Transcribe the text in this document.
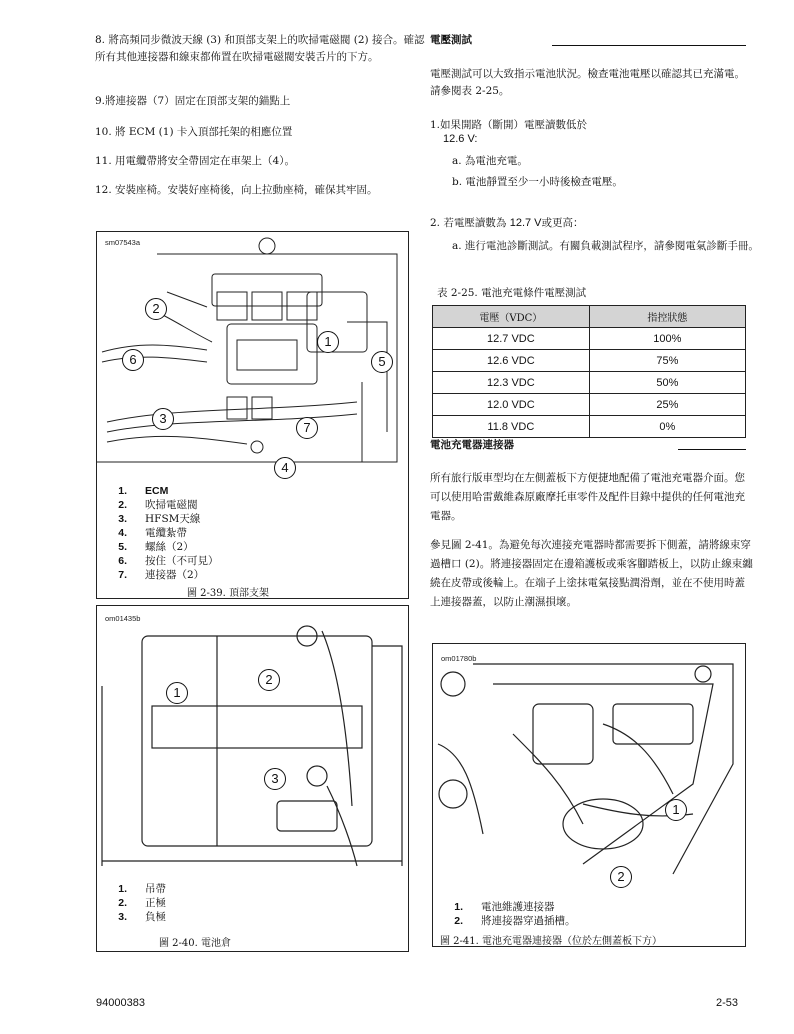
8. 將高頻同步微波天線 (3) 和頂部支架上的吹掃電磁閥 (2) 接合。確認
所有其他連接器和線束都佈置在吹掃電磁閥安裝舌片的下方。
9.將連接器（7）固定在頂部支架的錨點上
10. 將 ECM (1) 卡入頂部托架的相應位置
11. 用電纜帶將安全帶固定在車架上（4）。
12. 安裝座椅。安裝好座椅後，向上拉動座椅，確保其牢固。
sm07543a
2
1
6	5
3
7
4
1.	ECM
2.	吹掃電磁閥
3.	HFSM天線
4.	電纜紮帶
5.	螺絲（2）
6.	按住（不可見）
7.	連接器（2）
圖 2-39. 頂部支架
om01435b
1
2
3
1.	吊帶
2.	正極
3.	負極
圖 2-40. 電池倉
電壓測試
電壓測試可以大致指示電池狀況。檢查電池電壓以確認其已充滿電。
請參閱表 2-25。
1.如果開路（斷開）電壓讀數低於
12.6 V:
a. 為電池充電。
b. 電池靜置至少一小時後檢查電壓。
2. 若電壓讀數為 12.7 V或更高：
a. 進行電池診斷測試。有關負載測試程序，請參閱電氣診斷手冊。
表 2-25. 電池充電條件電壓測試
電壓（VDC）	指控狀態
12.7 VDC	100%
12.6 VDC	75%
12.3 VDC	50%
12.0 VDC	25%
11.8 VDC	0%
電池充電器連接器
所有旅行版車型均在左側蓋板下方便捷地配備了電池充電器介面。您
可以使用哈雷戴維森原廠摩托車零件及配件目錄中提供的任何電池充
電器。
參見圖 2-41。為避免每次連接充電器時都需要拆下側蓋，請將線束穿
過槽口 (2)。將連接器固定在邊箱護板或乘客腳踏板上，以防止線束纏
繞在皮帶或後輪上。在端子上塗抹電氣接點潤滑劑，並在不使用時蓋
上連接器蓋，以防止潮濕損壞。
om01780b
1
2
1.	電池維護連接器
2.	將連接器穿過插槽。
圖 2-41. 電池充電器連接器（位於左側蓋板下方）
94000383	2-53
